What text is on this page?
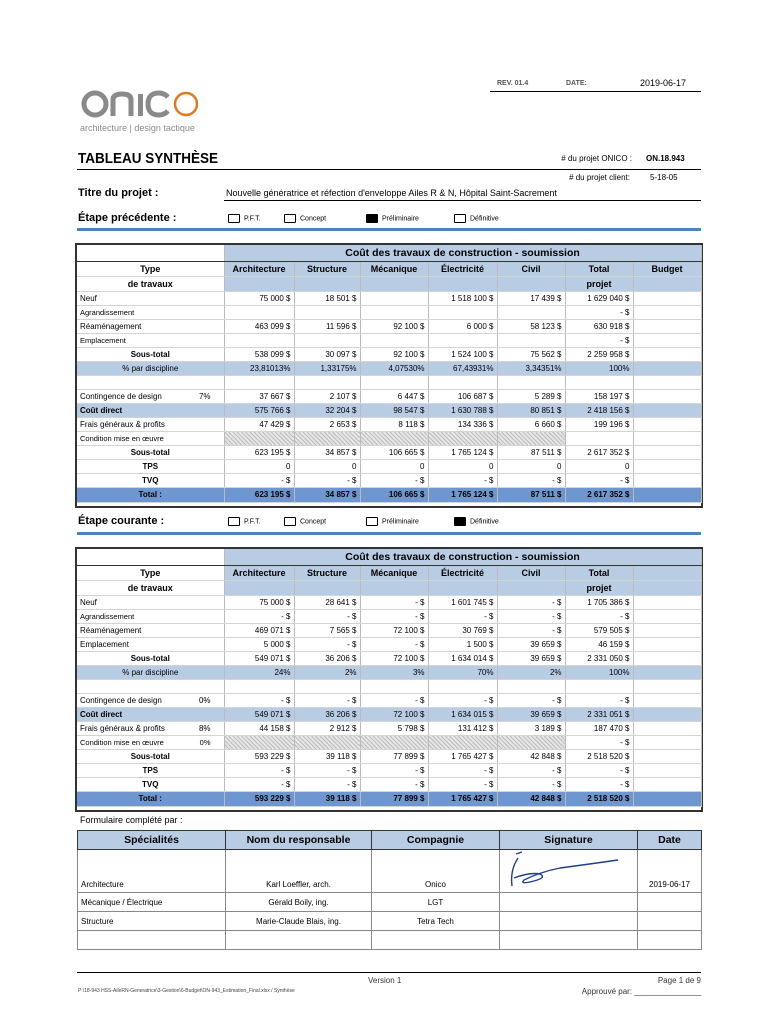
REV. 01.4	DATE:	2019-06-17
architecture | design tactique
TABLEAU SYNTHÈSE	# du projet ONICO : ON.18.943
# du projet client:	5-18-05
Titre du projet :	Nouvelle génératrice et réfection d'enveloppe Ailes R & N, Hôpital Saint-Sacrement
Étape précédente :	P.F.T.	Concept	Préliminaire	Définitive
	Coût des travaux de construction - soumission						
Type	Architecture	Structure	Mécanique	Électricité	Civil	Total	Budget
de travaux						projet	
Neuf	75 000 $	18 501 $		1 518 100 $	17 439 $	1 629 040 $	
Agrandissement						- $	
Réaménagement	463 099 $	11 596 $	92 100 $	6 000 $	58 123 $	630 918 $	
Emplacement						- $	
Sous-total	538 099 $	30 097 $	92 100 $	1 524 100 $	75 562 $	2 259 958 $	
% par discipline	23,81013%	1,33175%	4,07530%	67,43931%	3,34351%	100%	

Contingence de design 7%	37 667 $	2 107 $	6 447 $	106 687 $	5 289 $	158 197 $	
Coût direct	575 766 $	32 204 $	98 547 $	1 630 788 $	80 851 $	2 418 156 $	
Frais généraux & profits	47 429 $	2 653 $	8 118 $	134 336 $	6 660 $	199 196 $	
Condition mise en œuvre							
Sous-total	623 195 $	34 857 $	106 665 $	1 765 124 $	87 511 $	2 617 352 $	
TPS	0	0	0	0	0	0	
TVQ	- $	- $	- $	- $	- $	- $	
Total :	623 195 $	34 857 $	106 665 $	1 765 124 $	87 511 $	2 617 352 $	
Étape courante :	P.F.T.	Concept	Préliminaire	Définitive
	Coût des travaux de construction - soumission						
Type	Architecture	Structure	Mécanique	Électricité	Civil	Total	
de travaux						projet	
Neuf	75 000 $	28 641 $	- $	1 601 745 $	- $	1 705 386 $	
Agrandissement	- $	- $	- $	- $	- $	- $	
Réaménagement	469 071 $	7 565 $	72 100 $	30 769 $	- $	579 505 $	
Emplacement	5 000 $	- $	- $	1 500 $	39 659 $	46 159 $	
Sous-total	549 071 $	36 206 $	72 100 $	1 634 014 $	39 659 $	2 331 050 $	
% par discipline	24%	2%	3%	70%	2%	100%	

Contingence de design 0%	- $	- $	- $	- $	- $	- $	
Coût direct	549 071 $	36 206 $	72 100 $	1 634 015 $	39 659 $	2 331 051 $	
Frais généraux & profits 8%	44 158 $	2 912 $	5 798 $	131 412 $	3 189 $	187 470 $	
Condition mise en œuvre 0%						- $	
Sous-total	593 229 $	39 118 $	77 899 $	1 765 427 $	42 848 $	2 518 520 $	
TPS	- $	- $	- $	- $	- $	- $	
TVQ	- $	- $	- $	- $	- $	- $	
Total :	593 229 $	39 118 $	77 899 $	1 765 427 $	42 848 $	2 518 520 $	
Formulaire complété par :
Spécialités	Nom du responsable	Compagnie	Signature	Date
Architecture	Karl Loeffler, arch.	Onico		2019-06-17
Mécanique / Électrique	Gérald Boily, ing.	LGT		
Structure	Marie-Claude Blais, ing.	Tetra Tech		

P:\18-943 HSS-AileRN-Generatrice\3-Gestion\6-Budget\ON-943_Estimation_Final.xlsx / Synthèse
Version 1	Page 1 de 9
Approuvé par: _______________
